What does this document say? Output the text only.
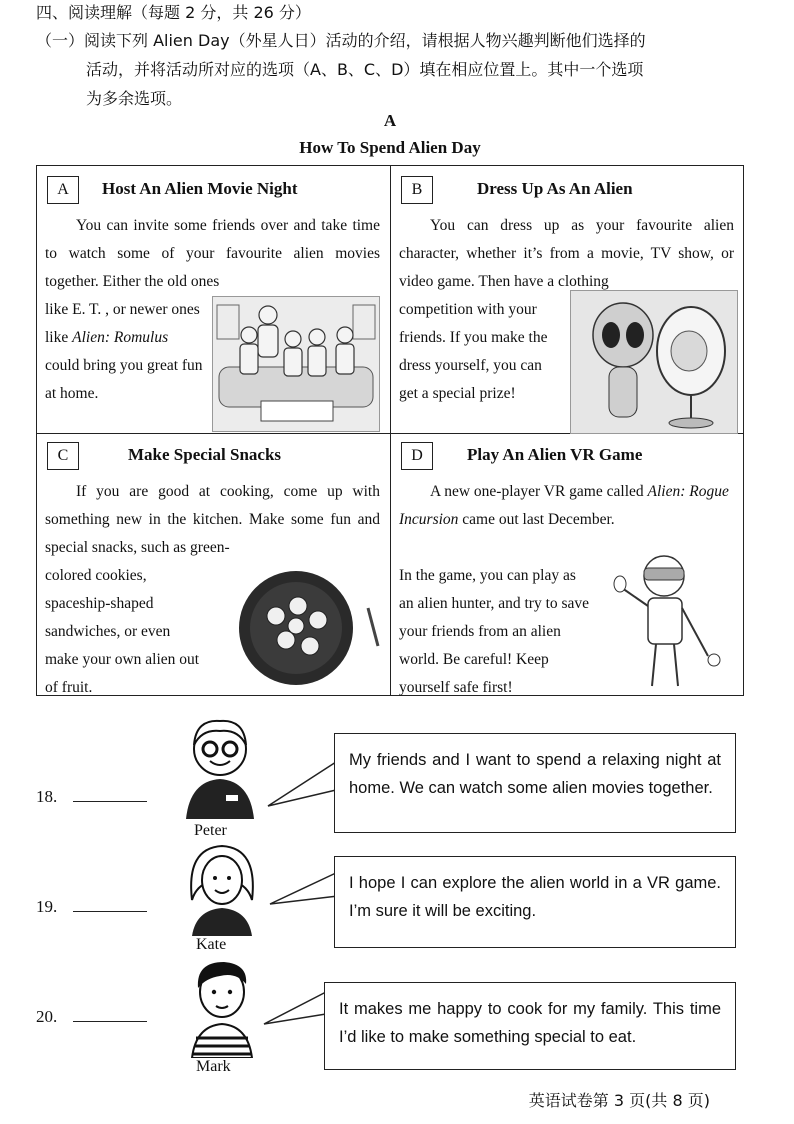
四、阅读理解（每题 2 分，共 26 分）
（一）阅读下列 Alien Day（外星人日）活动的介绍，请根据人物兴趣判断他们选择的
活动，并将活动所对应的选项（A、B、C、D）填在相应位置上。其中一个选项
为多余选项。
A
How To Spend Alien Day
A	Host An Alien Movie Night

You can invite some friends over and take time to watch some of your favourite alien movies together. Either the old ones

like E. T. , or newer ones like Alien: Romulus could bring you great fun at home.
B	Dress Up As An Alien

You can dress up as your favourite alien character, whether it’s from a movie, TV show, or video game. Then have a clothing

competition with your friends. If you make the dress yourself, you can get a special prize!
C	Make Special Snacks

If you are good at cooking, come up with something new in the kitchen. Make some fun and special snacks, such as green-

colored cookies, spaceship-shaped sandwiches, or even make your own alien out of fruit.
D	Play An Alien VR Game

A new one-player VR game called Alien: Rogue Incursion came out last December.

In the game, you can play as an alien hunter, and try to save your friends from an alien world. Be careful! Keep yourself safe first!
18.
Peter
My friends and I want to spend a relaxing night at home. We can watch some alien movies together.
19.
Kate
I hope I can explore the alien world in a VR game. I’m sure it will be exciting.
20.
Mark
It makes me happy to cook for my family. This time I’d like to make something special to eat.
英语试卷第 3 页(共 8 页)
